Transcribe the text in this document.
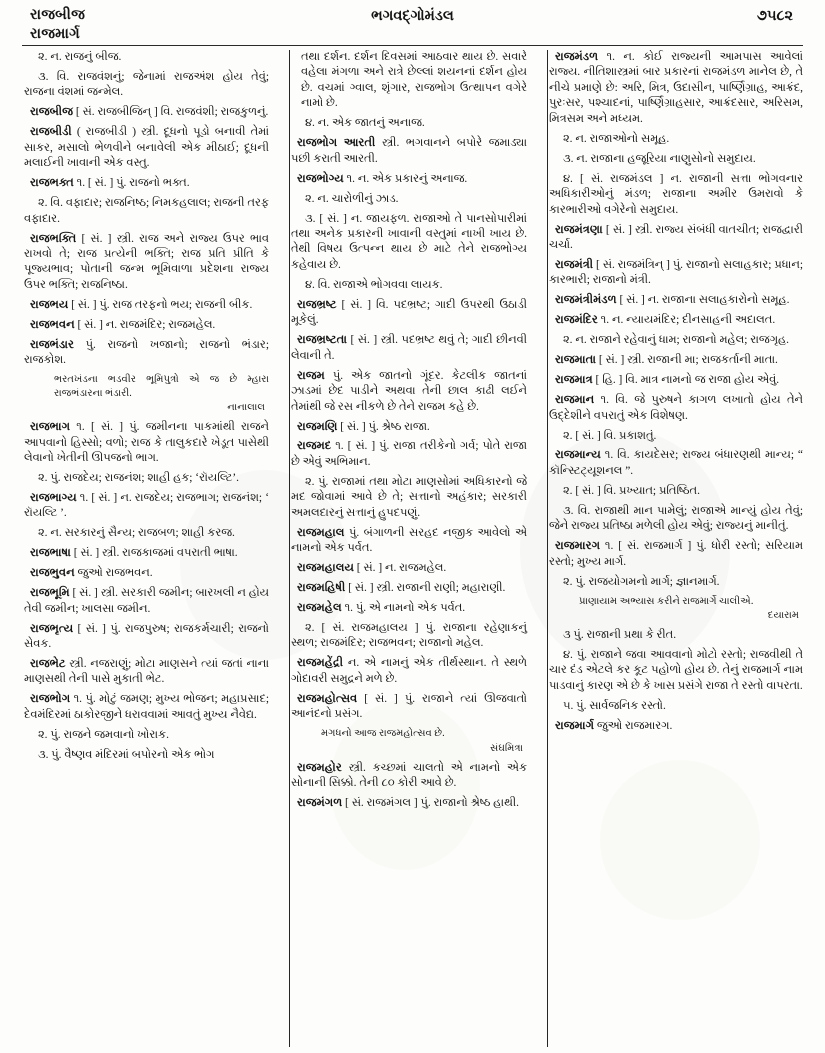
રાજબીજ
રાજમાર્ગ
ભગવદ્ગોમંડલ	૭૫૮૨

૨. ન. રાજનું બીજ.

૩. વિ. રાજવંશનું; જેનામાં રાજઅંશ હોય તેવું; રાજના વંશમાં જન્મેલ.

રાજબીજ [ સં. રાજબીજિન્ ] વિ. રાજવંશી; રાજકુળનું.

રાજબીડી ( રાજબીડી ) સ્ત્રી. દૂધનો પૂડો બનાવી તેમાં સાકર, મસાલો ભેળવીને બનાવેલી એક મીઠાઈ; દૂધની મલાઈની ખાવાની એક વસ્તુ.

રાજભક્ત ૧. [ સં. ] પું. રાજનો ભક્ત.

૨. વિ. વફાદાર; રાજનિષ્ઠ; નિમકહલાલ; રાજની તરફ વફાદાર.

રાજભક્તિ [ સં. ] સ્ત્રી. રાજ અને રાજ્ય ઉપર ભાવ રાખવો તે; રાજ પ્રત્યેની ભક્તિ; રાજ પ્રતિ પ્રીતિ કે પૂજ્યભાવ; પોતાની જન્મ ભૂમિવાળા પ્રદેશના રાજ્ય ઉપર ભક્તિ; રાજનિષ્ઠા.

રાજભય [ સં. ] પું. રાજ તરફનો ભય; રાજની બીક.

રાજભવન [ સં. ] ન. રાજમંદિર; રાજમહેલ.

રાજભંડાર પું. રાજનો ખજાનો; રાજનો ભંડાર; રાજકોશ.

ભરતખંડના ભડવીર ભૂમિપુત્રો એ જ છે મ્હારા રાજભંડારના ભંડારી.

નાનાલાલ

રાજભાગ ૧. [ સં. ] પું. જમીનના પાકમાંથી રાજને આપવાનો હિસ્સો; વળો; રાજ કે તાલુકદારે ખેડૂત પાસેથી લેવાનો ખેતીની ઊપજનો ભાગ.

૨. પું. રાજદેય; રાજનંશ; શાહી હક; ‘રૉયલ્ટિ’.

રાજભાગ્ય ૧. [ સં. ] ન. રાજદેય; રાજભાગ; રાજનંશ; ‘ રૉયલ્ટિ ’.

૨. ન. સરકારનું સૈન્ય; રાજબળ; શાહી કરજ.

રાજભાષા [ સં. ] સ્ત્રી. રાજકાજમાં વપરાતી ભાષા.

રાજભુવન જુઓ રાજભવન.

રાજભૂમિ [ સં. ] સ્ત્રી. સરકારી જમીન; બારખલી ન હોય તેવી જમીન; ખાલસા જમીન.

રાજભૃત્ય [ સં. ] પું. રાજપુરુષ; રાજકર્મચારી; રાજનો સેવક.

રાજભેટ સ્ત્રી. નજરાણું; મોટા માણસને ત્યાં જતાં નાના માણસથી તેની પાસે મુકાતી ભેટ.

રાજભોગ ૧. પું. મોટું જમણ; મુખ્ય ભોજન; મહાપ્રસાદ; દેવમંદિરમાં ઠાકોરજીને ધરાવવામાં આવતું મુખ્ય નૈવેદ્ય.

૨. પું. રાજને જમવાનો ખોરાક.

૩. પું. વૈષ્ણવ મંદિરમાં બપોરનો એક ભોગ

તથા દર્શન. દર્શન દિવસમાં આઠવાર થાય છે. સવારે વહેલા મંગળા અને રાત્રે છેલ્લાં શયનનાં દર્શન હોય છે. વચમાં ગ્વાલ, શૃંગાર, રાજભોગ ઉત્થાપન વગેરે નામો છે.

૪. ન. એક જાતનું અનાજ.

રાજભોગ આરતી સ્ત્રી. ભગવાનને બપોરે જમાડ્યા પછી કરાતી આરતી.

રાજભોગ્ય ૧. ન. એક પ્રકારનું અનાજ.

૨. ન. ચારોળીનું ઝાડ.

૩. [ સં. ] ન. જાયફળ. રાજાઓ તે પાનસોપારીમાં તથા અનેક પ્રકારની ખાવાની વસ્તુમાં નાખી ખાય છે. તેથી વિષય ઉત્પન્ન થાય છે માટે તેને રાજભોગ્ય કહેવાય છે.

૪. વિ. રાજાએ ભોગવવા લાયક.

રાજભ્રષ્ટ [ સં. ] વિ. પદભ્રષ્ટ; ગાદી ઉપરથી ઉઠાડી મૂકેલું.

રાજભ્રષ્ટતા [ સં. ] સ્ત્રી. પદભ્રષ્ટ થવું તે; ગાદી છીનવી લેવાની તે.

રાજમ પું. એક જાતનો ગૂંદર. કેટલીક જાતનાં ઝાડમાં છેદ પાડીને અથવા તેની છાલ કાઢી લઈને તેમાંથી જે રસ નીકળે છે તેને રાજમ કહે છે.

રાજમણિ [ સં. ] પું. શ્રેષ્ઠ રાજા.

રાજમદ ૧. [ સં. ] પું. રાજા તરીકેનો ગર્વ; પોતે રાજા છે એવું અભિમાન.

૨. પું. રાજામાં તથા મોટા માણસોમાં અધિકારનો જે મદ જોવામાં આવે છે તે; સત્તાનો અહંકાર; સરકારી અમલદારનું સત્તાનું હુપદપણું.

રાજમહાલ પું. બંગાળની સરહદ નજીક આવેલો એ નામનો એક પર્વત.

રાજમહાલય [ સં. ] ન. રાજમહેલ.

રાજમહિષી [ સં. ] સ્ત્રી. રાજાની રાણી; મહારાણી.

રાજમહેલ ૧. પું. એ નામનો એક પર્વત.

૨. [ સં. રાજમહાલય ] પું. રાજાના રહેણાકનું સ્થળ; રાજમંદિર; રાજભવન; રાજાનો મહેલ.

રાજમહેંદ્રી ન. એ નામનું એક તીર્થસ્થાન. તે સ્થળે ગોદાવરી સમુદ્રને મળે છે.

રાજમહોત્સવ [ સં. ] પું. રાજાને ત્યાં ઊજવાતો આનંદનો પ્રસંગ.

મગધનો આજ રાજમહોત્સવ છે.

સંઘમિત્રા

રાજમહોર સ્ત્રી. કચ્છમાં ચાલતો એ નામનો એક સોનાની સિક્કો. તેની ૮૦ કોરી આવે છે.

રાજમંગળ [ સં. રાજમંગલ ] પું. રાજાનો શ્રેષ્ઠ હાથી.

રાજમંડળ ૧. ન. કોઈ રાજ્યની આમપાસ આવેલાં રાજ્ય. નીતિશાસ્ત્રમાં બાર પ્રકારનાં રાજમંડળ માનેલ છે, તે નીચે પ્રમાણે છે: અરિ, મિત્ર, ઉદાસીન, પાર્ષ્ણિગ્રાહ, આક્રંદ, પુરઃસર, પશ્ચાદનાં, પાર્ષ્ણિગ્રાહસાર, આક્રંદસાર, અરિસમ, મિત્રસમ અને મધ્યમ.

૨. ન. રાજાઓનો સમૂહ.

૩. ન. રાજાના હજૂરિયા નાણુસોનો સમુદાય.

૪. [ સં. રાજમંડલ ] ન. રાજાની સત્તા ભોગવનાર અધિકારીઓનું મંડળ; રાજાના અમીર ઉમરાવો કે કારભારીઓ વગેરેનો સમુદાય.

રાજમંત્રણા [ સં. ] સ્ત્રી. રાજ્ય સંબંધી વાતચીત; રાજદ્વારી ચર્ચા.

રાજમંત્રી [ સં. રાજમંત્રિન્ ] પું. રાજાનો સલાહકાર; પ્રધાન; કારભારી; રાજાનો મંત્રી.

રાજમંત્રીમંડળ [ સં. ] ન. રાજાના સલાહકારોનો સમૂહ.

રાજમંદિર ૧. ન. ન્યાયમંદિર; દીનસાહની અદાલત.

૨. ન. રાજાને રહેવાનું ધામ; રાજાનો મહેલ; રાજગૃહ.

રાજમાતા [ સં. ] સ્ત્રી. રાજાની મા; રાજકર્તાની માતા.

રાજમાત્ર [ હિ. ] વિ. માત્ર નામનો જ રાજા હોય એવું.

રાજમાન ૧. વિ. જે પુરુષને કાગળ લખાતો હોય તેને ઉદ્દેશીને વપરાતું એક વિશેષણ.

૨. [ સં. ] વિ. પ્રકાશતું.

રાજમાન્ય ૧. વિ. કાયદેસર; રાજ્ય બંધારણથી માન્ય; “ કૉન્સ્ટિટ્યૂશનલ ”.

૨. [ સં. ] વિ. પ્રખ્યાત; પ્રતિષ્ઠિત.

૩. વિ. રાજાથી માન પામેલું; રાજાએ માન્યું હોય તેવું; જેને રાજ્ય પ્રતિષ્ઠા મળેલી હોય એવું; રાજ્યનું માનીતું.

રાજમારગ ૧. [ સં. રાજમાર્ગ ] પું. ધોરી રસ્તો; સરિયામ રસ્તો; મુખ્ય માર્ગ.

૨. પું. રાજયોગમનો માર્ગ; જ્ઞાનમાર્ગ.

પ્રાણાયામ અભ્યાસ કરીને રાજમાર્ગે ચાલીએ.

દયારામ

૩ પું. રાજાની પ્રથા કે રીત.

૪. પું. રાજાને જવા આવવાનો મોટો રસ્તો; રાજવીથી તે ચાર દંડ એટલે કર કૂટ પહોળો હોય છે. તેનું રાજમાર્ગ નામ પાડવાનું કારણ એ છે કે ખાસ પ્રસંગે રાજા તે રસ્તો વાપરતા.

૫. પું. સાર્વજનિક રસ્તો.

રાજમાર્ગ જુઓ રાજમારગ.
